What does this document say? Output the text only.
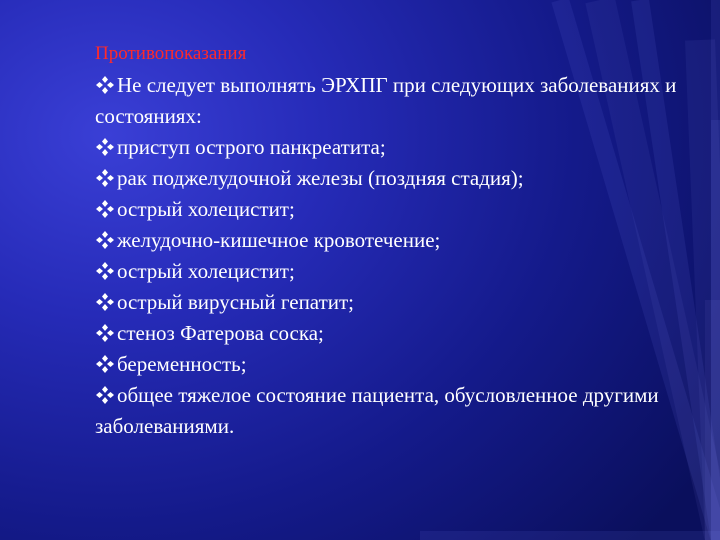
Противопоказания
Не следует выполнять ЭРХПГ при следующих заболеваниях и состояниях:
приступ острого панкреатита;
рак поджелудочной железы (поздняя стадия);
острый холецистит;
желудочно-кишечное кровотечение;
острый холецистит;
острый вирусный гепатит;
стеноз Фатерова соска;
беременность;
общее тяжелое состояние пациента, обусловленное другими заболеваниями.
